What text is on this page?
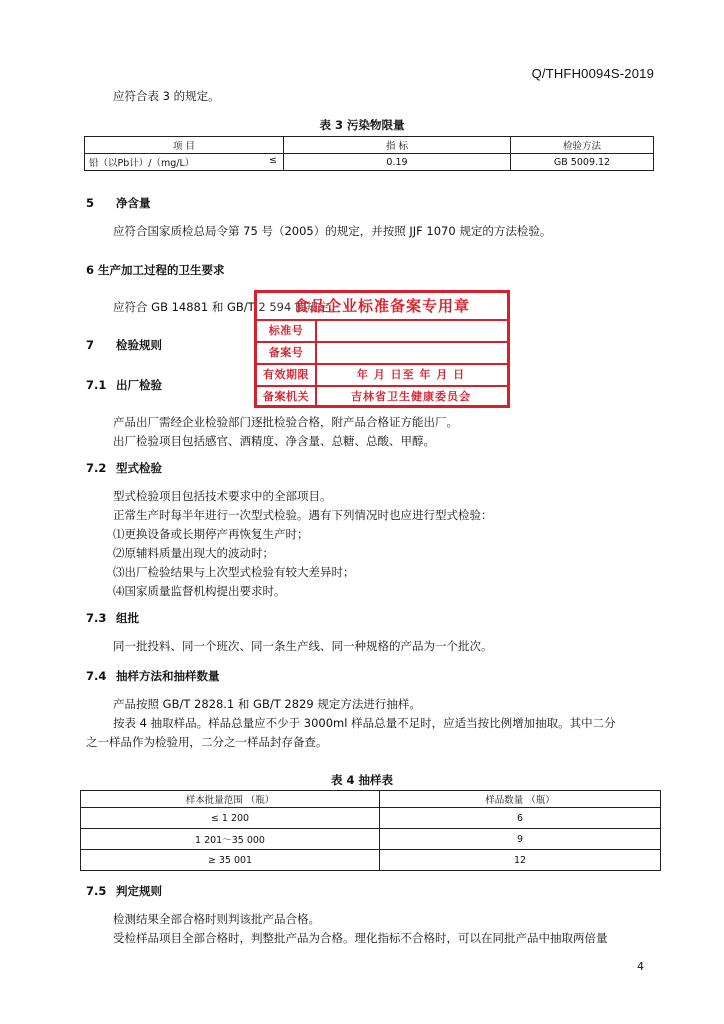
Q/THFH0094S-2019
应符合表 3 的规定。
表 3 污染物限量
项 目	指 标	检验方法
铅（以Pb计）/（mg/L） ≤	0.19	GB 5009.12
5 净含量
应符合国家质检总局令第 75 号（2005）的规定，并按照 JJF 1070 规定的方法检验。
6 生产加工过程的卫生要求
应符合 GB 14881 和 GB/T 2 594 的规定。
7 检验规则
7.1 出厂检验
产品出厂需经企业检验部门逐批检验合格，附产品合格证方能出厂。
出厂检验项目包括感官、酒精度、净含量、总糖、总酸、甲醇。
7.2 型式检验
型式检验项目包括技术要求中的全部项目。
正常生产时每半年进行一次型式检验。遇有下列情况时也应进行型式检验：
⑴更换设备或长期停产再恢复生产时；
⑵原辅料质量出现大的波动时；
⑶出厂检验结果与上次型式检验有较大差异时；
⑷国家质量监督机构提出要求时。
7.3 组批
同一批投料、同一个班次、同一条生产线、同一种规格的产品为一个批次。
7.4 抽样方法和抽样数量
产品按照 GB/T 2828.1 和 GB/T 2829 规定方法进行抽样。
按表 4 抽取样品。样品总量应不少于 3000ml 样品总量不足时，应适当按比例增加抽取。其中二分
之一样品作为检验用，二分之一样品封存备查。
表 4 抽样表
样本批量范围 （瓶）	样品数量 （瓶）
≤ 1 200	6
1 201～35 000	9
≥ 35 001	12
7.5 判定规则
检测结果全部合格时则判该批产品合格。
受检样品项目全部合格时，判整批产品为合格。理化指标不合格时，可以在同批产品中抽取两倍量
4
食品企业标准备案专用章
标准号
备案号
有效期限	年 月 日至 年 月 日
备案机关	吉林省卫生健康委员会
